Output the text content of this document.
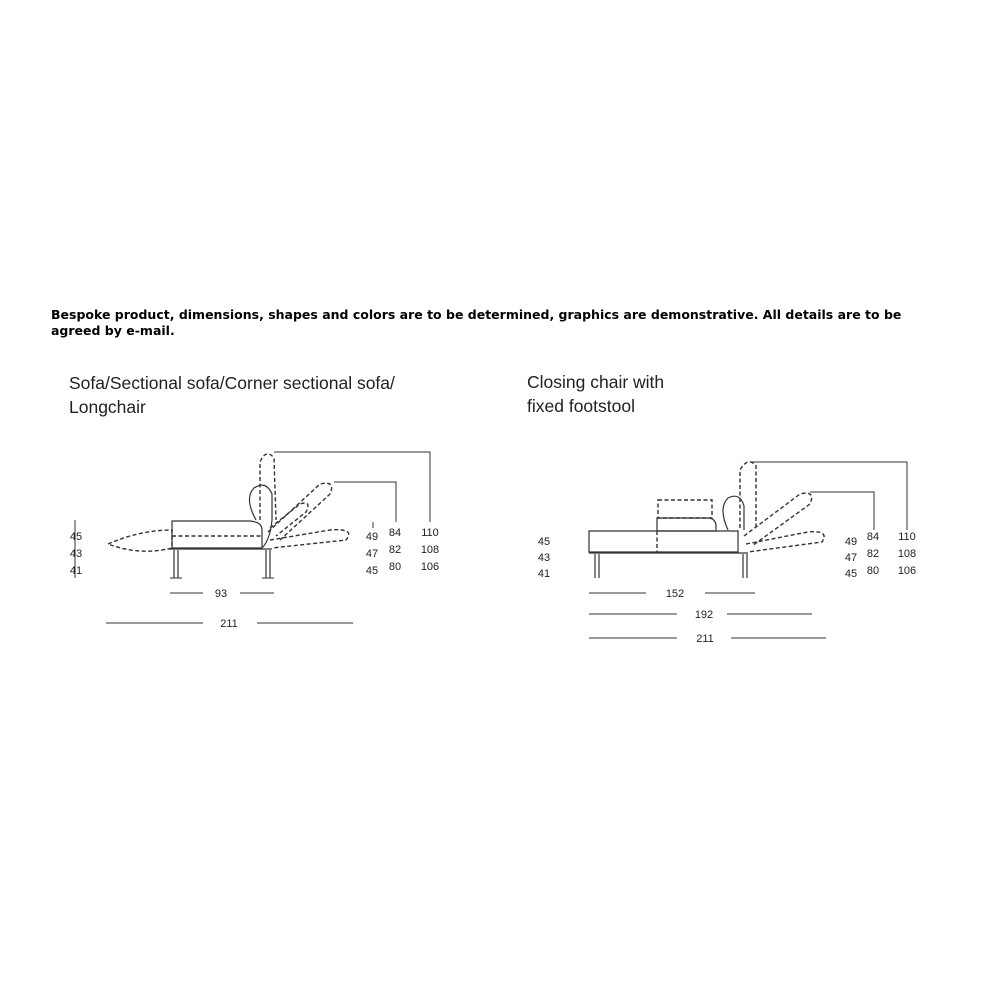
Bespoke product, dimensions, shapes and colors are to be determined, graphics are demonstrative. All details are to be agreed by e-mail.
Sofa/Sectional sofa/Corner sectional sofa/
Longchair
45
43
41
49
47
45
84
82
80
110
108
106
93
211
Closing chair with
fixed footstool
45
43
41
49
47
45
84
82
80
110
108
106
152
192
211
